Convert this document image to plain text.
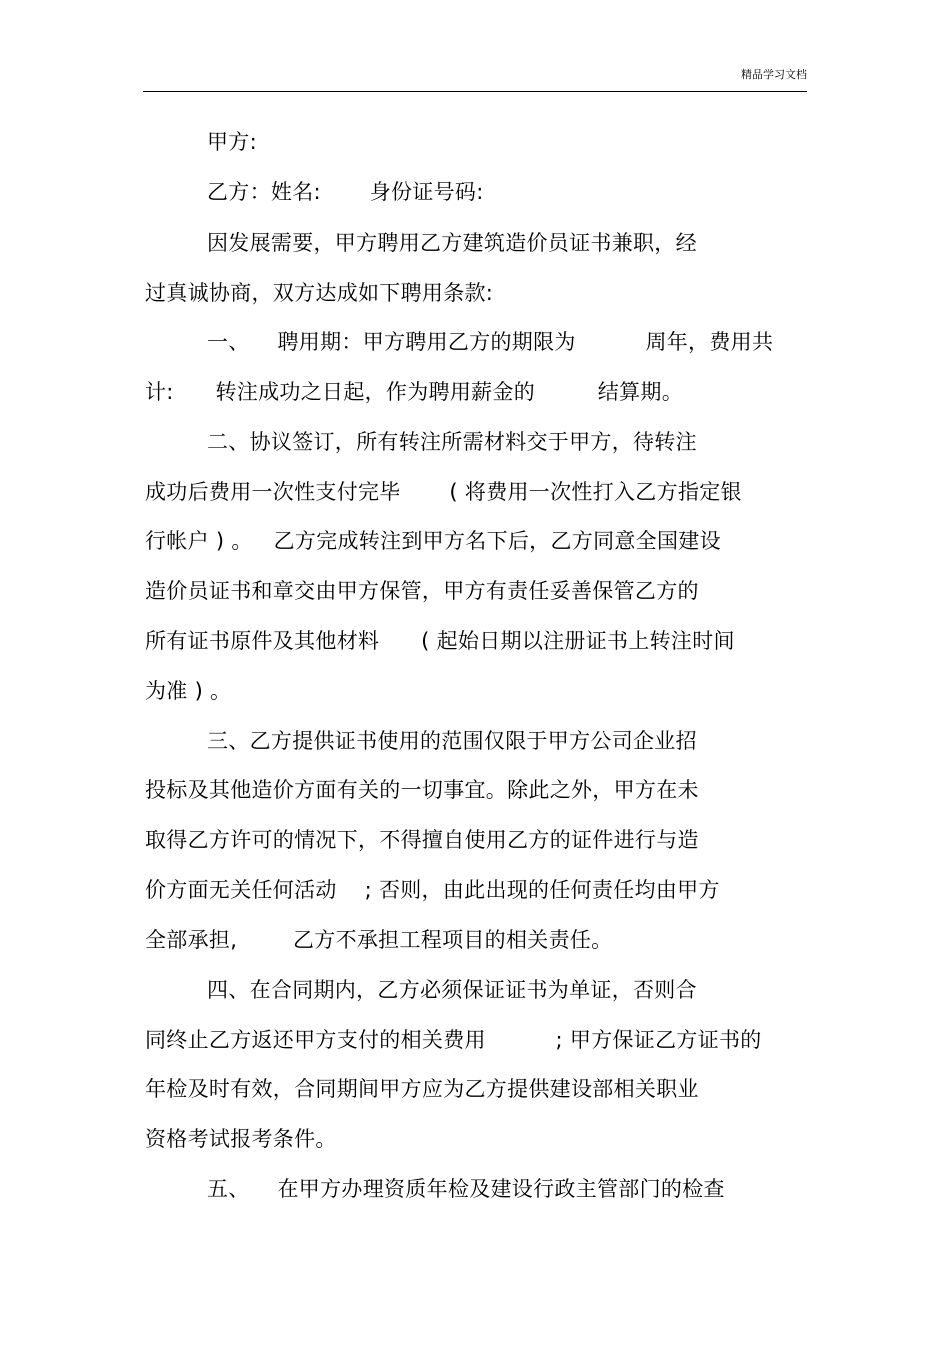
精品学习文档
甲方:
乙方：姓名:       身份证号码:
因发展需要，甲方聘用乙方建筑造价员证书兼职，经
过真诚协商，双方达成如下聘用条款:
一、    聘用期：甲方聘用乙方的期限为          周年，费用共
计:      转注成功之日起，作为聘用薪金的         结算期。
二、协议签订，所有转注所需材料交于甲方，待转注
成功后费用一次性支付完毕       ( 将费用一次性打入乙方指定银
行帐户 ) 。   乙方完成转注到甲方名下后，乙方同意全国建设
造价员证书和章交由甲方保管，甲方有责任妥善保管乙方的
所有证书原件及其他材料      ( 起始日期以注册证书上转注时间
为准 ) 。
三、乙方提供证书使用的范围仅限于甲方公司企业招
投标及其他造价方面有关的一切事宜。除此之外，甲方在未
取得乙方许可的情况下，不得擅自使用乙方的证件进行与造
价方面无关任何活动    ; 否则，由此出现的任何责任均由甲方
全部承担,        乙方不承担工程项目的相关责任。
四、在合同期内，乙方必须保证证书为单证，否则合
同终止乙方返还甲方支付的相关费用          ; 甲方保证乙方证书的
年检及时有效，合同期间甲方应为乙方提供建设部相关职业
资格考试报考条件。
五、    在甲方办理资质年检及建设行政主管部门的检查
